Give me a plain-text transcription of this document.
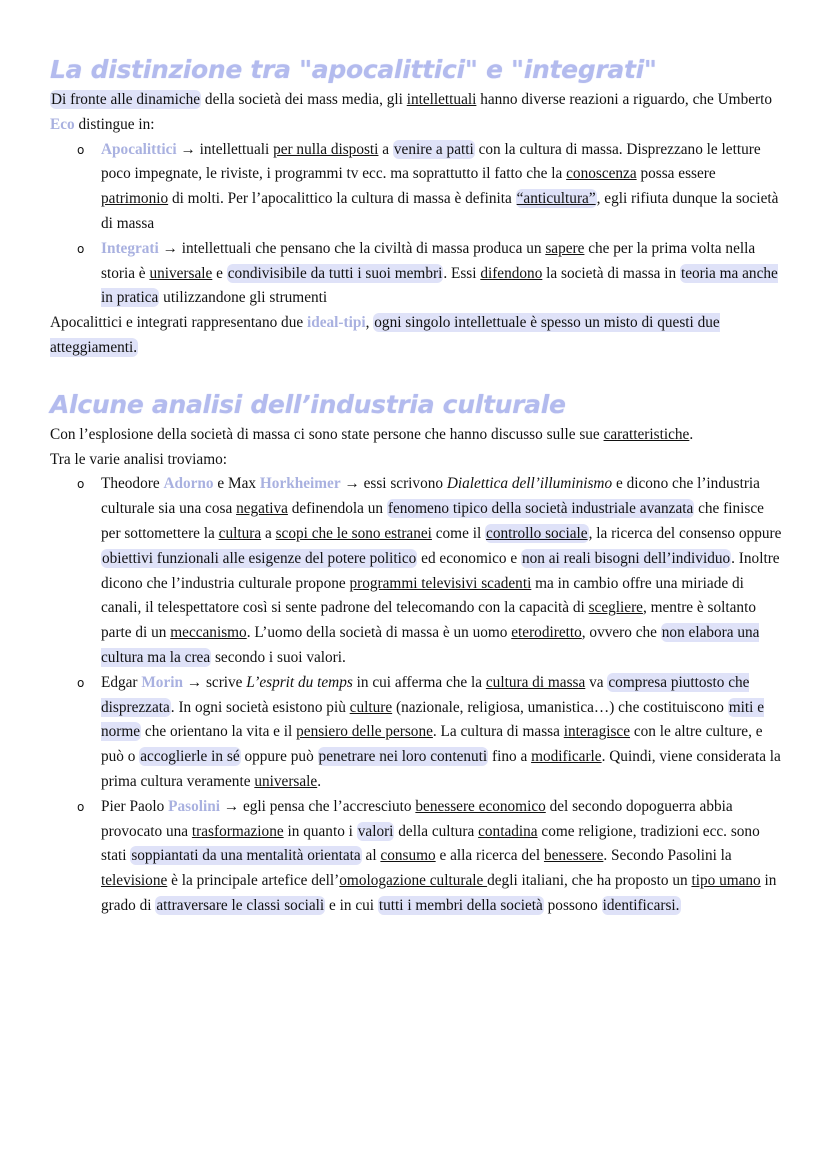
La distinzione tra "apocalittici" e "integrati"

Di fronte alle dinamiche della società dei mass media, gli intellettuali hanno diverse reazioni a riguardo, che Umberto Eco distingue in:

o Apocalittici → intellettuali per nulla disposti a venire a patti con la cultura di massa. Disprezzano le letture poco impegnate, le riviste, i programmi tv ecc. ma soprattutto il fatto che la conoscenza possa essere patrimonio di molti. Per l’apocalittico la cultura di massa è definita “anticultura”, egli rifiuta dunque la società di massa
o Integrati → intellettuali che pensano che la civiltà di massa produca un sapere che per la prima volta nella storia è universale e condivisibile da tutti i suoi membri. Essi difendono la società di massa in teoria ma anche in pratica utilizzandone gli strumenti

Apocalittici e integrati rappresentano due ideal-tipi, ogni singolo intellettuale è spesso un misto di questi due atteggiamenti.

Alcune analisi dell’industria culturale

Con l’esplosione della società di massa ci sono state persone che hanno discusso sulle sue caratteristiche.

Tra le varie analisi troviamo:

o Theodore Adorno e Max Horkheimer → essi scrivono Dialettica dell’illuminismo e dicono che l’industria culturale sia una cosa negativa definendola un fenomeno tipico della società industriale avanzata che finisce per sottomettere la cultura a scopi che le sono estranei come il controllo sociale, la ricerca del consenso oppure obiettivi funzionali alle esigenze del potere politico ed economico e non ai reali bisogni dell’individuo. Inoltre dicono che l’industria culturale propone programmi televisivi scadenti ma in cambio offre una miriade di canali, il telespettatore così si sente padrone del telecomando con la capacità di scegliere, mentre è soltanto parte di un meccanismo. L’uomo della società di massa è un uomo eterodiretto, ovvero che non elabora una cultura ma la crea secondo i suoi valori.
o Edgar Morin → scrive L’esprit du temps in cui afferma che la cultura di massa va compresa piuttosto che disprezzata. In ogni società esistono più culture (nazionale, religiosa, umanistica…) che costituiscono miti e norme che orientano la vita e il pensiero delle persone. La cultura di massa interagisce con le altre culture, e può o accoglierle in sé oppure può penetrare nei loro contenuti fino a modificarle. Quindi, viene considerata la prima cultura veramente universale.
o Pier Paolo Pasolini → egli pensa che l’accresciuto benessere economico del secondo dopoguerra abbia provocato una trasformazione in quanto i valori della cultura contadina come religione, tradizioni ecc. sono stati soppiantati da una mentalità orientata al consumo e alla ricerca del benessere. Secondo Pasolini la televisione è la principale artefice dell’omologazione culturale degli italiani, che ha proposto un tipo umano in grado di attraversare le classi sociali e in cui tutti i membri della società possono identificarsi.
